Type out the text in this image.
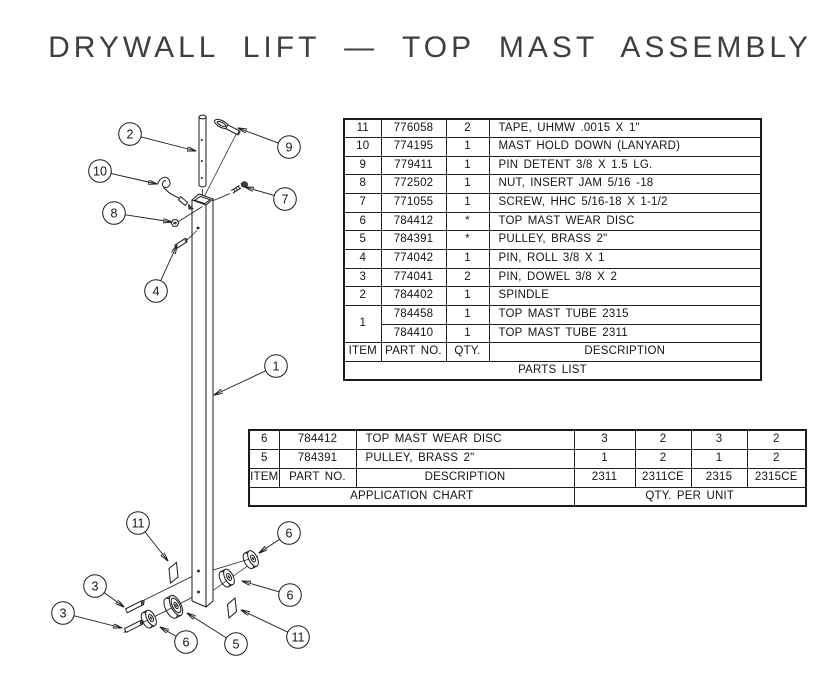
DRYWALL LIFT — TOP MAST ASSEMBLY
2
9
10
7
8
4
1
11
6
3
6
3
11
6	5
11	776058	2	TAPE, UHMW .0015 X 1"
10	774195	1	MAST HOLD DOWN (LANYARD)
9	779411	1	PIN DETENT 3/8 X 1.5 LG.
8	772502	1	NUT, INSERT JAM 5/16 -18
7	771055	1	SCREW, HHC 5/16-18 X 1-1/2
6	784412	*	TOP MAST WEAR DISC
5	784391	*	PULLEY, BRASS 2"
4	774042	1	PIN, ROLL 3/8 X 1
3	774041	2	PIN, DOWEL 3/8 X 2
2	784402	1	SPINDLE
1	784458	1	TOP MAST TUBE 2315
	784410	1	TOP MAST TUBE 2311
ITEM	PART NO.	QTY.	DESCRIPTION
PARTS LIST			
6	784412	TOP MAST WEAR DISC	3	2	3	2
5	784391	PULLEY, BRASS 2"	1	2	1	2
ITEM	PART NO.	DESCRIPTION	2311	2311CE	2315	2315CE
APPLICATION CHART			QTY. PER UNIT			
